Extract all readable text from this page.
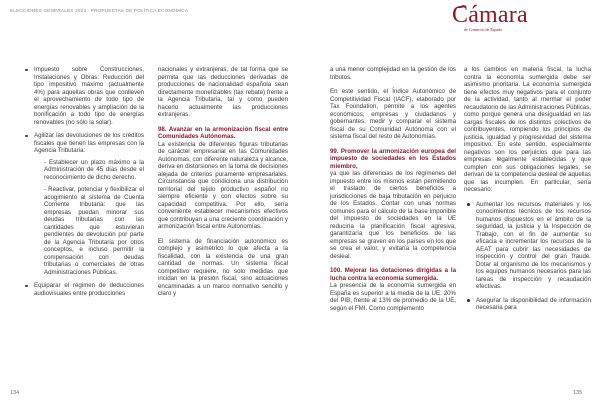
ELECCIONES GENERALES 2023 · PROPUESTAS DE POLÍTICA ECONÓMICA	Cámara
de Comercio de España
Impuesto sobre Construcciones, Instalaciones y Obras: Reducción del tipo impositivo máximo (actualmente 4%) para aquellas obras que conlleven el aprovechamiento de todo tipo de energías renovables y ampliación de la bonificación a todo tipo de energías renovables (no sólo la solar).
Agilizar las devoluciones de los créditos fiscales que tienen las empresas con la Agencia Tributaria:

- Establecer un plazo máximo a la Administración de 45 días desde el reconocimiento de dicho derecho.

- Reactivar, potenciar y flexibilizar el acogimiento al sistema de Cuenta Corriente tributaria: que las empresas puedan minorar sus deudas tributarias con las cantidades que estuvieran pendientes de devolución por parte de la Agencia Tributaria por otros conceptos, e incluso permitir la compensación con deudas tributarias o comerciales de otras Administraciones Públicas.

Equiparar el régimen de deducciones audiovisuales entre producciones

nacionales y extranjeras, de tal forma que se permita que las deducciones derivadas de producciones de nacionalidad española sean directamente monetizables (tax rebate) frente a la Agencia Tributaria, tal y como pueden hacerlo actualmente las producciones extranjeras.

98. Avanzar en la armonización fiscal entre Comunidades Autónomas.

La existencia de diferentes figuras tributarias de carácter empresarial en las Comunidades Autónomas, con diferente naturaleza y alcance, deriva en distorsiones en la toma de decisiones alejada de criterios puramente empresariales. Circunstancia que condiciona una distribución territorial del tejido productivo español no siempre eficiente y con efectos sobre su capacidad competitiva. Por ello, sería conveniente establecer mecanismos efectivos que contribuyan a una creciente coordinación y armonización fiscal entre Autonomías.

El sistema de financiación autonómico es complejo y asimétrico lo que afecta a la fiscalidad, con la existencia de una gran cantidad de normas. Un sistema fiscal competitivo requiere, no solo medidas que incidan en la presión fiscal, sino actuaciones encaminadas a un marco normativo sencillo y claro y

a una menor complejidad en la gestión de los tributos.

En este sentido, el Índice Autonómico de Competitividad Fiscal (IACF), elaborado por Tax Foundation, permite a los agentes económicos, empresas y ciudadanos y gobernantes, medir y comparar el sistema fiscal de su Comunidad Autónoma con el sistema fiscal del resto de Autonomías.

99. Promover la armonización europea del impuesto de sociedades en los Estados miembro,

ya que las diferencias de los regímenes del impuesto entre los mismos están permitiendo el traslado de ciertos beneficios a jurisdicciones de baja tributación en perjuicio de los Estados. Contar con unas normas comunes para el cálculo de la base imponible del impuesto de sociedades en la UE reduciría la planificación fiscal agresiva, garantizaría que los beneficios de las empresas se graven en los países en los que se crea el valor, y evitaría la competencia desleal.

100. Mejorar las dotaciones dirigidas a la lucha contra la economía sumergida.

La presencia de la economía sumergida en España es superior a la media de la UE: 20% del PIB, frente al 13% de promedio de la UE, según el FMI. Como complemento

a los cambios en materia fiscal, la lucha contra la economía sumergida debe ser asimismo prioritaria. La economía sumergida tiene efectos muy negativos para el conjunto de la actividad, tanto al mermar el poder recaudatorio de las Administraciones Públicas, como porque genera una desigualdad en las cargas fiscales de los distintos colectivos de contribuyentes, rompiendo los principios de justicia, igualdad y progresividad del sistema impositivo. En este sentido, especialmente negativos son los perjuicios que para las empresas legalmente establecidas y que cumplen con sus obligaciones legales, se derivan de la competencia desleal de aquellas que las incumplen. En particular, sería necesario:

Aumentar los recursos materiales y los conocimientos técnicos de los recursos humanos dispuestos en el ámbito de la seguridad, la justicia y la Inspección de Trabajo, con el fin de aumentar su eficacia e incrementar los recursos de la AEAT para cubrir las necesidades de inspección y control del gran fraude. Dotar al organismo de los mecanismos y los equipos humanos necesarios para las tareas de inspección y recaudación efectivas.
Asegurar la disponibilidad de información necesaria para
134	135
